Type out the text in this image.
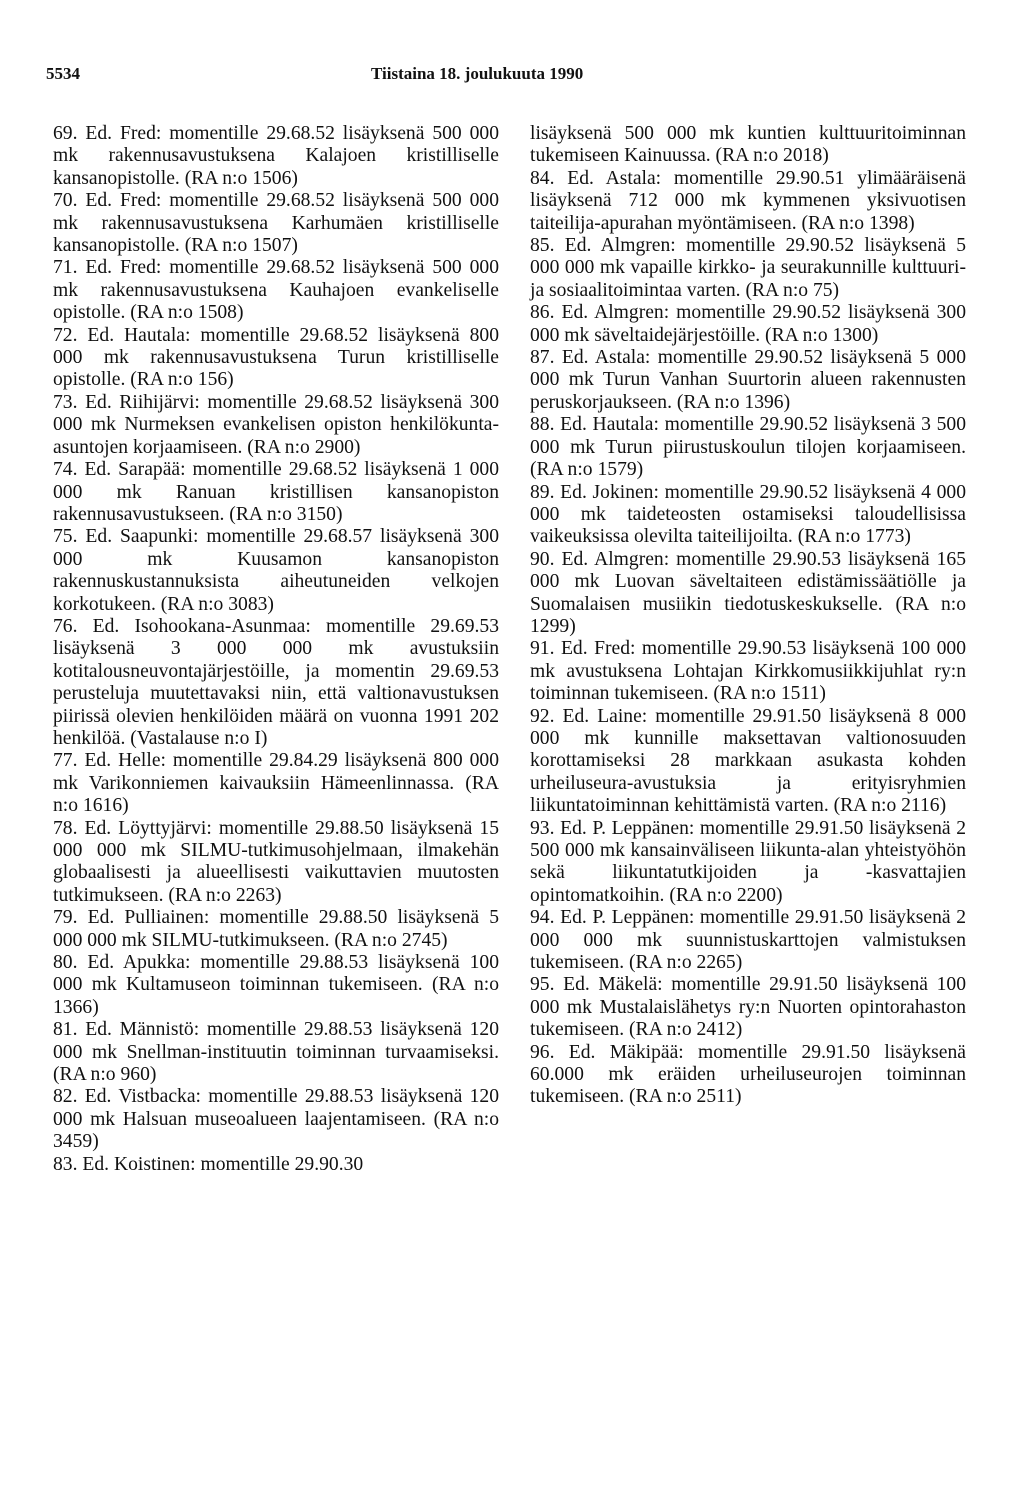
5534	Tiistaina 18. joulukuuta 1990

69. Ed. Fred: momentille 29.68.52 lisäyksenä 500 000 mk rakennusavustuksena Kalajoen kristilliselle kansanopistolle. (RA n:o 1506)

70. Ed. Fred: momentille 29.68.52 lisäyksenä 500 000 mk rakennusavustuksena Karhumäen kristilliselle kansanopistolle. (RA n:o 1507)

71. Ed. Fred: momentille 29.68.52 lisäyksenä 500 000 mk rakennusavustuksena Kauhajoen evankeliselle opistolle. (RA n:o 1508)

72. Ed. Hautala: momentille 29.68.52 lisäyksenä 800 000 mk rakennusavustuksena Turun kristilliselle opistolle. (RA n:o 156)

73. Ed. Riihijärvi: momentille 29.68.52 lisäyksenä 300 000 mk Nurmeksen evankelisen opiston henkilökunta-asuntojen korjaamiseen. (RA n:o 2900)

74. Ed. Sarapää: momentille 29.68.52 lisäyksenä 1 000 000 mk Ranuan kristillisen kansanopiston rakennusavustukseen. (RA n:o 3150)

75. Ed. Saapunki: momentille 29.68.57 lisäyksenä 300 000 mk Kuusamon kansanopiston rakennuskustannuksista aiheutuneiden velkojen korkotukeen. (RA n:o 3083)

76. Ed. Isohookana-Asunmaa: momentille 29.69.53 lisäyksenä 3 000 000 mk avustuksiin kotitalousneuvontajärjestöille, ja momentin 29.69.53 perusteluja muutettavaksi niin, että valtionavustuksen piirissä olevien henkilöiden määrä on vuonna 1991 202 henkilöä. (Vastalause n:o I)

77. Ed. Helle: momentille 29.84.29 lisäyksenä 800 000 mk Varikonniemen kaivauksiin Hämeenlinnassa. (RA n:o 1616)

78. Ed. Löyttyjärvi: momentille 29.88.50 lisäyksenä 15 000 000 mk SILMU-tutkimusohjelmaan, ilmakehän globaalisesti ja alueellisesti vaikuttavien muutosten tutkimukseen. (RA n:o 2263)

79. Ed. Pulliainen: momentille 29.88.50 lisäyksenä 5 000 000 mk SILMU-tutkimukseen. (RA n:o 2745)

80. Ed. Apukka: momentille 29.88.53 lisäyksenä 100 000 mk Kultamuseon toiminnan tukemiseen. (RA n:o 1366)

81. Ed. Männistö: momentille 29.88.53 lisäyksenä 120 000 mk Snellman-instituutin toiminnan turvaamiseksi. (RA n:o 960)

82. Ed. Vistbacka: momentille 29.88.53 lisäyksenä 120 000 mk Halsuan museoalueen laajentamiseen. (RA n:o 3459)

83. Ed. Koistinen: momentille 29.90.30

lisäyksenä 500 000 mk kuntien kulttuuritoiminnan tukemiseen Kainuussa. (RA n:o 2018)

84. Ed. Astala: momentille 29.90.51 ylimääräisenä lisäyksenä 712 000 mk kymmenen yksivuotisen taiteilija-apurahan myöntämiseen. (RA n:o 1398)

85. Ed. Almgren: momentille 29.90.52 lisäyksenä 5 000 000 mk vapaille kirkko- ja seurakunnille kulttuuri- ja sosiaalitoimintaa varten. (RA n:o 75)

86. Ed. Almgren: momentille 29.90.52 lisäyksenä 300 000 mk säveltaidejärjestöille. (RA n:o 1300)

87. Ed. Astala: momentille 29.90.52 lisäyksenä 5 000 000 mk Turun Vanhan Suurtorin alueen rakennusten peruskorjaukseen. (RA n:o 1396)

88. Ed. Hautala: momentille 29.90.52 lisäyksenä 3 500 000 mk Turun piirustuskoulun tilojen korjaamiseen. (RA n:o 1579)

89. Ed. Jokinen: momentille 29.90.52 lisäyksenä 4 000 000 mk taideteosten ostamiseksi taloudellisissa vaikeuksissa olevilta taiteilijoilta. (RA n:o 1773)

90. Ed. Almgren: momentille 29.90.53 lisäyksenä 165 000 mk Luovan säveltaiteen edistämissäätiölle ja Suomalaisen musiikin tiedotuskeskukselle. (RA n:o 1299)

91. Ed. Fred: momentille 29.90.53 lisäyksenä 100 000 mk avustuksena Lohtajan Kirkkomusiikkijuhlat ry:n toiminnan tukemiseen. (RA n:o 1511)

92. Ed. Laine: momentille 29.91.50 lisäyksenä 8 000 000 mk kunnille maksettavan valtionosuuden korottamiseksi 28 markkaan asukasta kohden urheiluseura-avustuksia ja erityisryhmien liikuntatoiminnan kehittämistä varten. (RA n:o 2116)

93. Ed. P. Leppänen: momentille 29.91.50 lisäyksenä 2 500 000 mk kansainväliseen liikunta-alan yhteistyöhön sekä liikuntatutkijoiden ja -kasvattajien opintomatkoihin. (RA n:o 2200)

94. Ed. P. Leppänen: momentille 29.91.50 lisäyksenä 2 000 000 mk suunnistuskarttojen valmistuksen tukemiseen. (RA n:o 2265)

95. Ed. Mäkelä: momentille 29.91.50 lisäyksenä 100 000 mk Mustalaislähetys ry:n Nuorten opintorahaston tukemiseen. (RA n:o 2412)

96. Ed. Mäkipää: momentille 29.91.50 lisäyksenä 60.000 mk eräiden urheiluseurojen toiminnan tukemiseen. (RA n:o 2511)
